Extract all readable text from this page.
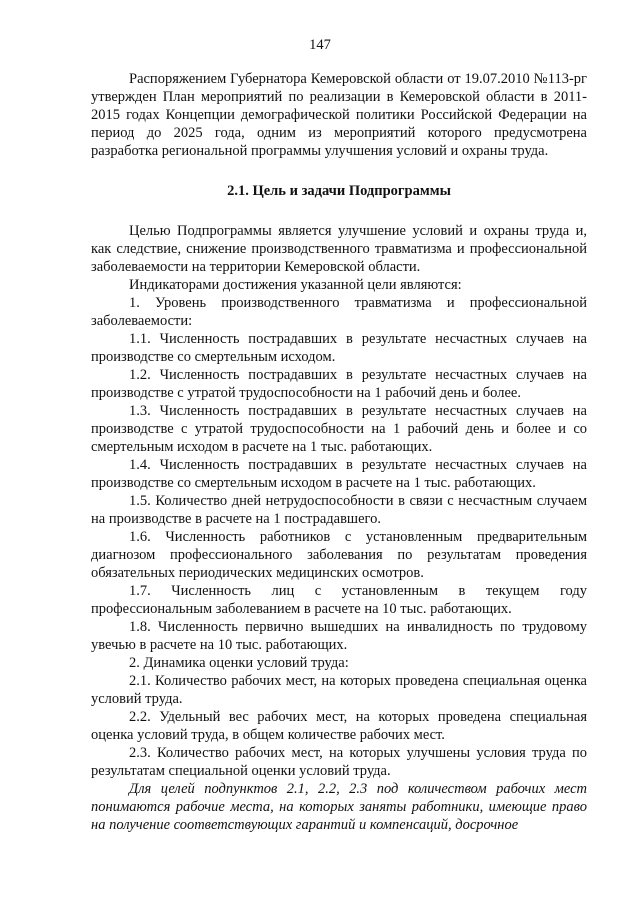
147

Распоряжением Губернатора Кемеровской области от 19.07.2010 №113-рг утвержден План мероприятий по реализации в Кемеровской области в 2011-2015 годах Концепции демографической политики Российской Федерации на период до 2025 года, одним из мероприятий которого предусмотрена разработка региональной программы улучшения условий и охраны труда.

2.1. Цель и задачи Подпрограммы

Целью Подпрограммы является улучшение условий и охраны труда и, как следствие, снижение производственного травматизма и профессиональной заболеваемости на территории Кемеровской области.

Индикаторами достижения указанной цели являются:

1. Уровень производственного травматизма и профессиональной заболеваемости:

1.1. Численность пострадавших в результате несчастных случаев на производстве со смертельным исходом.

1.2. Численность пострадавших в результате несчастных случаев на производстве с утратой трудоспособности на 1 рабочий день и более.

1.3. Численность пострадавших в результате несчастных случаев на производстве с утратой трудоспособности на 1 рабочий день и более и со смертельным исходом в расчете на 1 тыс. работающих.

1.4. Численность пострадавших в результате несчастных случаев на производстве со смертельным исходом в расчете на 1 тыс. работающих.

1.5. Количество дней нетрудоспособности в связи с несчастным случаем на производстве в расчете на 1 пострадавшего.

1.6. Численность работников с установленным предварительным диагнозом профессионального заболевания по результатам проведения обязательных периодических медицинских осмотров.

1.7. Численность лиц с установленным в текущем году профессиональным заболеванием в расчете на 10 тыс. работающих.

1.8. Численность первично вышедших на инвалидность по трудовому увечью в расчете на 10 тыс. работающих.

2. Динамика оценки условий труда:

2.1. Количество рабочих мест, на которых проведена специальная оценка условий труда.

2.2. Удельный вес рабочих мест, на которых проведена специальная оценка условий труда, в общем количестве рабочих мест.

2.3. Количество рабочих мест, на которых улучшены условия труда по результатам специальной оценки условий труда.

Для целей подпунктов 2.1, 2.2, 2.3 под количеством рабочих мест понимаются рабочие места, на которых заняты работники, имеющие право на получение соответствующих гарантий и компенсаций, досрочное
